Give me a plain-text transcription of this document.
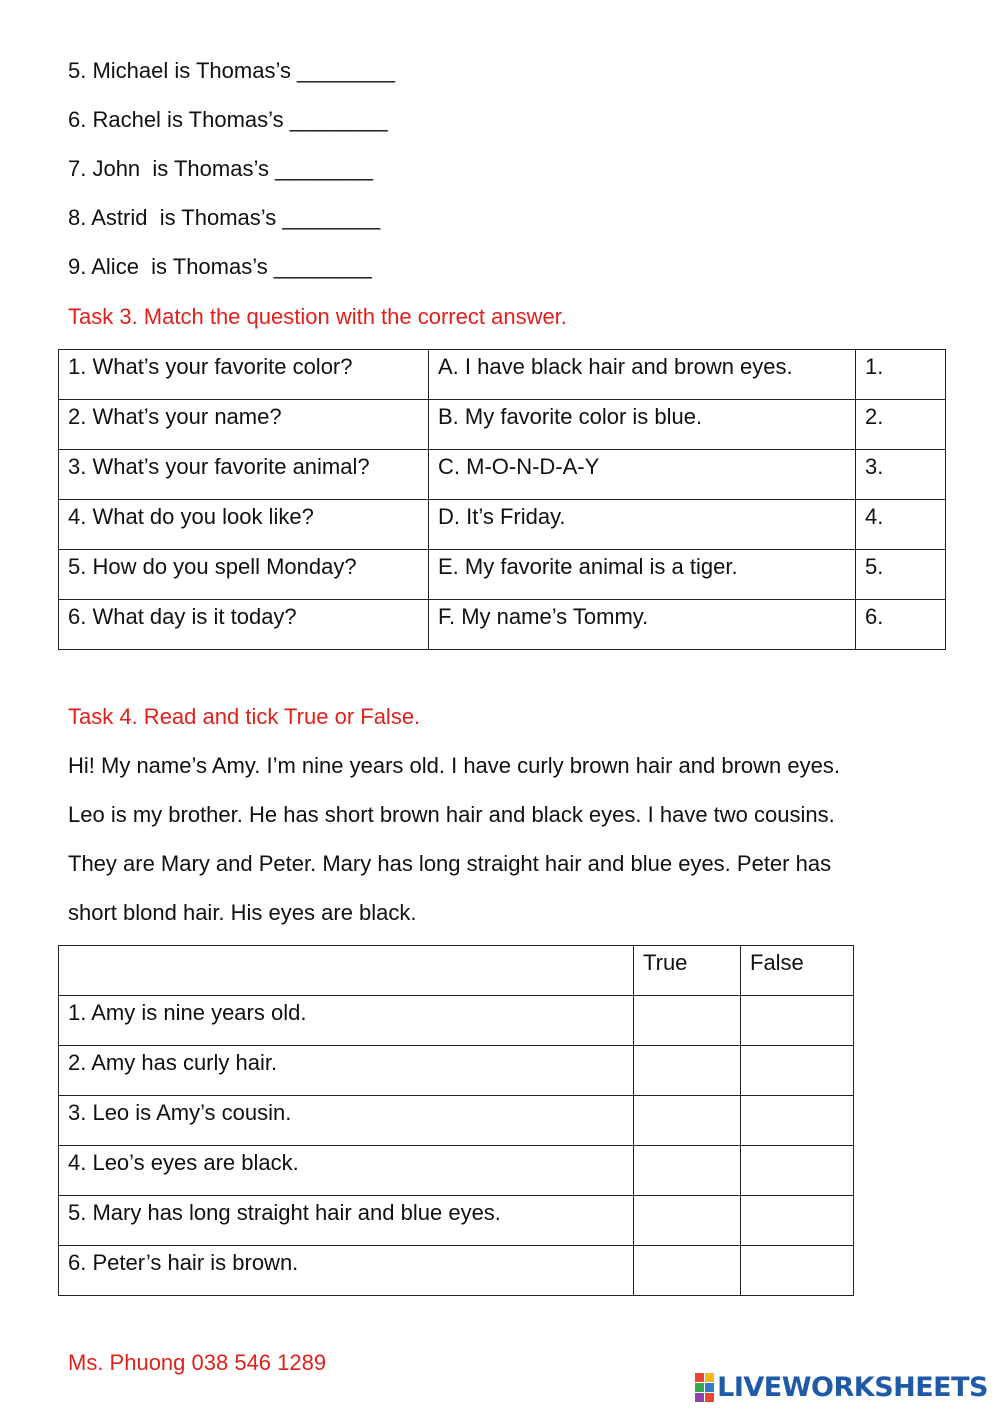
5. Michael is Thomas’s ________
6. Rachel is Thomas’s ________
7. John  is Thomas’s ________
8. Astrid  is Thomas’s ________
9. Alice  is Thomas’s ________
Task 3. Match the question with the correct answer.
1. What’s your favorite color?	A. I have black hair and brown eyes.	1.
2. What’s your name?	B. My favorite color is blue.	2.
3. What’s your favorite animal?	C. M-O-N-D-A-Y	3.
4. What do you look like?	D. It’s Friday.	4.
5. How do you spell Monday?	E. My favorite animal is a tiger.	5.
6. What day is it today?	F. My name’s Tommy.	6.
Task 4. Read and tick True or False.
Hi! My name’s Amy. I’m nine years old. I have curly brown hair and brown eyes.
Leo is my brother. He has short brown hair and black eyes. I have two cousins.
They are Mary and Peter. Mary has long straight hair and blue eyes. Peter has
short blond hair. His eyes are black.
	True	False
1. Amy is nine years old.		
2. Amy has curly hair.		
3. Leo is Amy’s cousin.		
4. Leo’s eyes are black.		
5. Mary has long straight hair and blue eyes.		
6. Peter’s hair is brown.		
Ms. Phuong 038 546 1289
LIVEWORKSHEETS
